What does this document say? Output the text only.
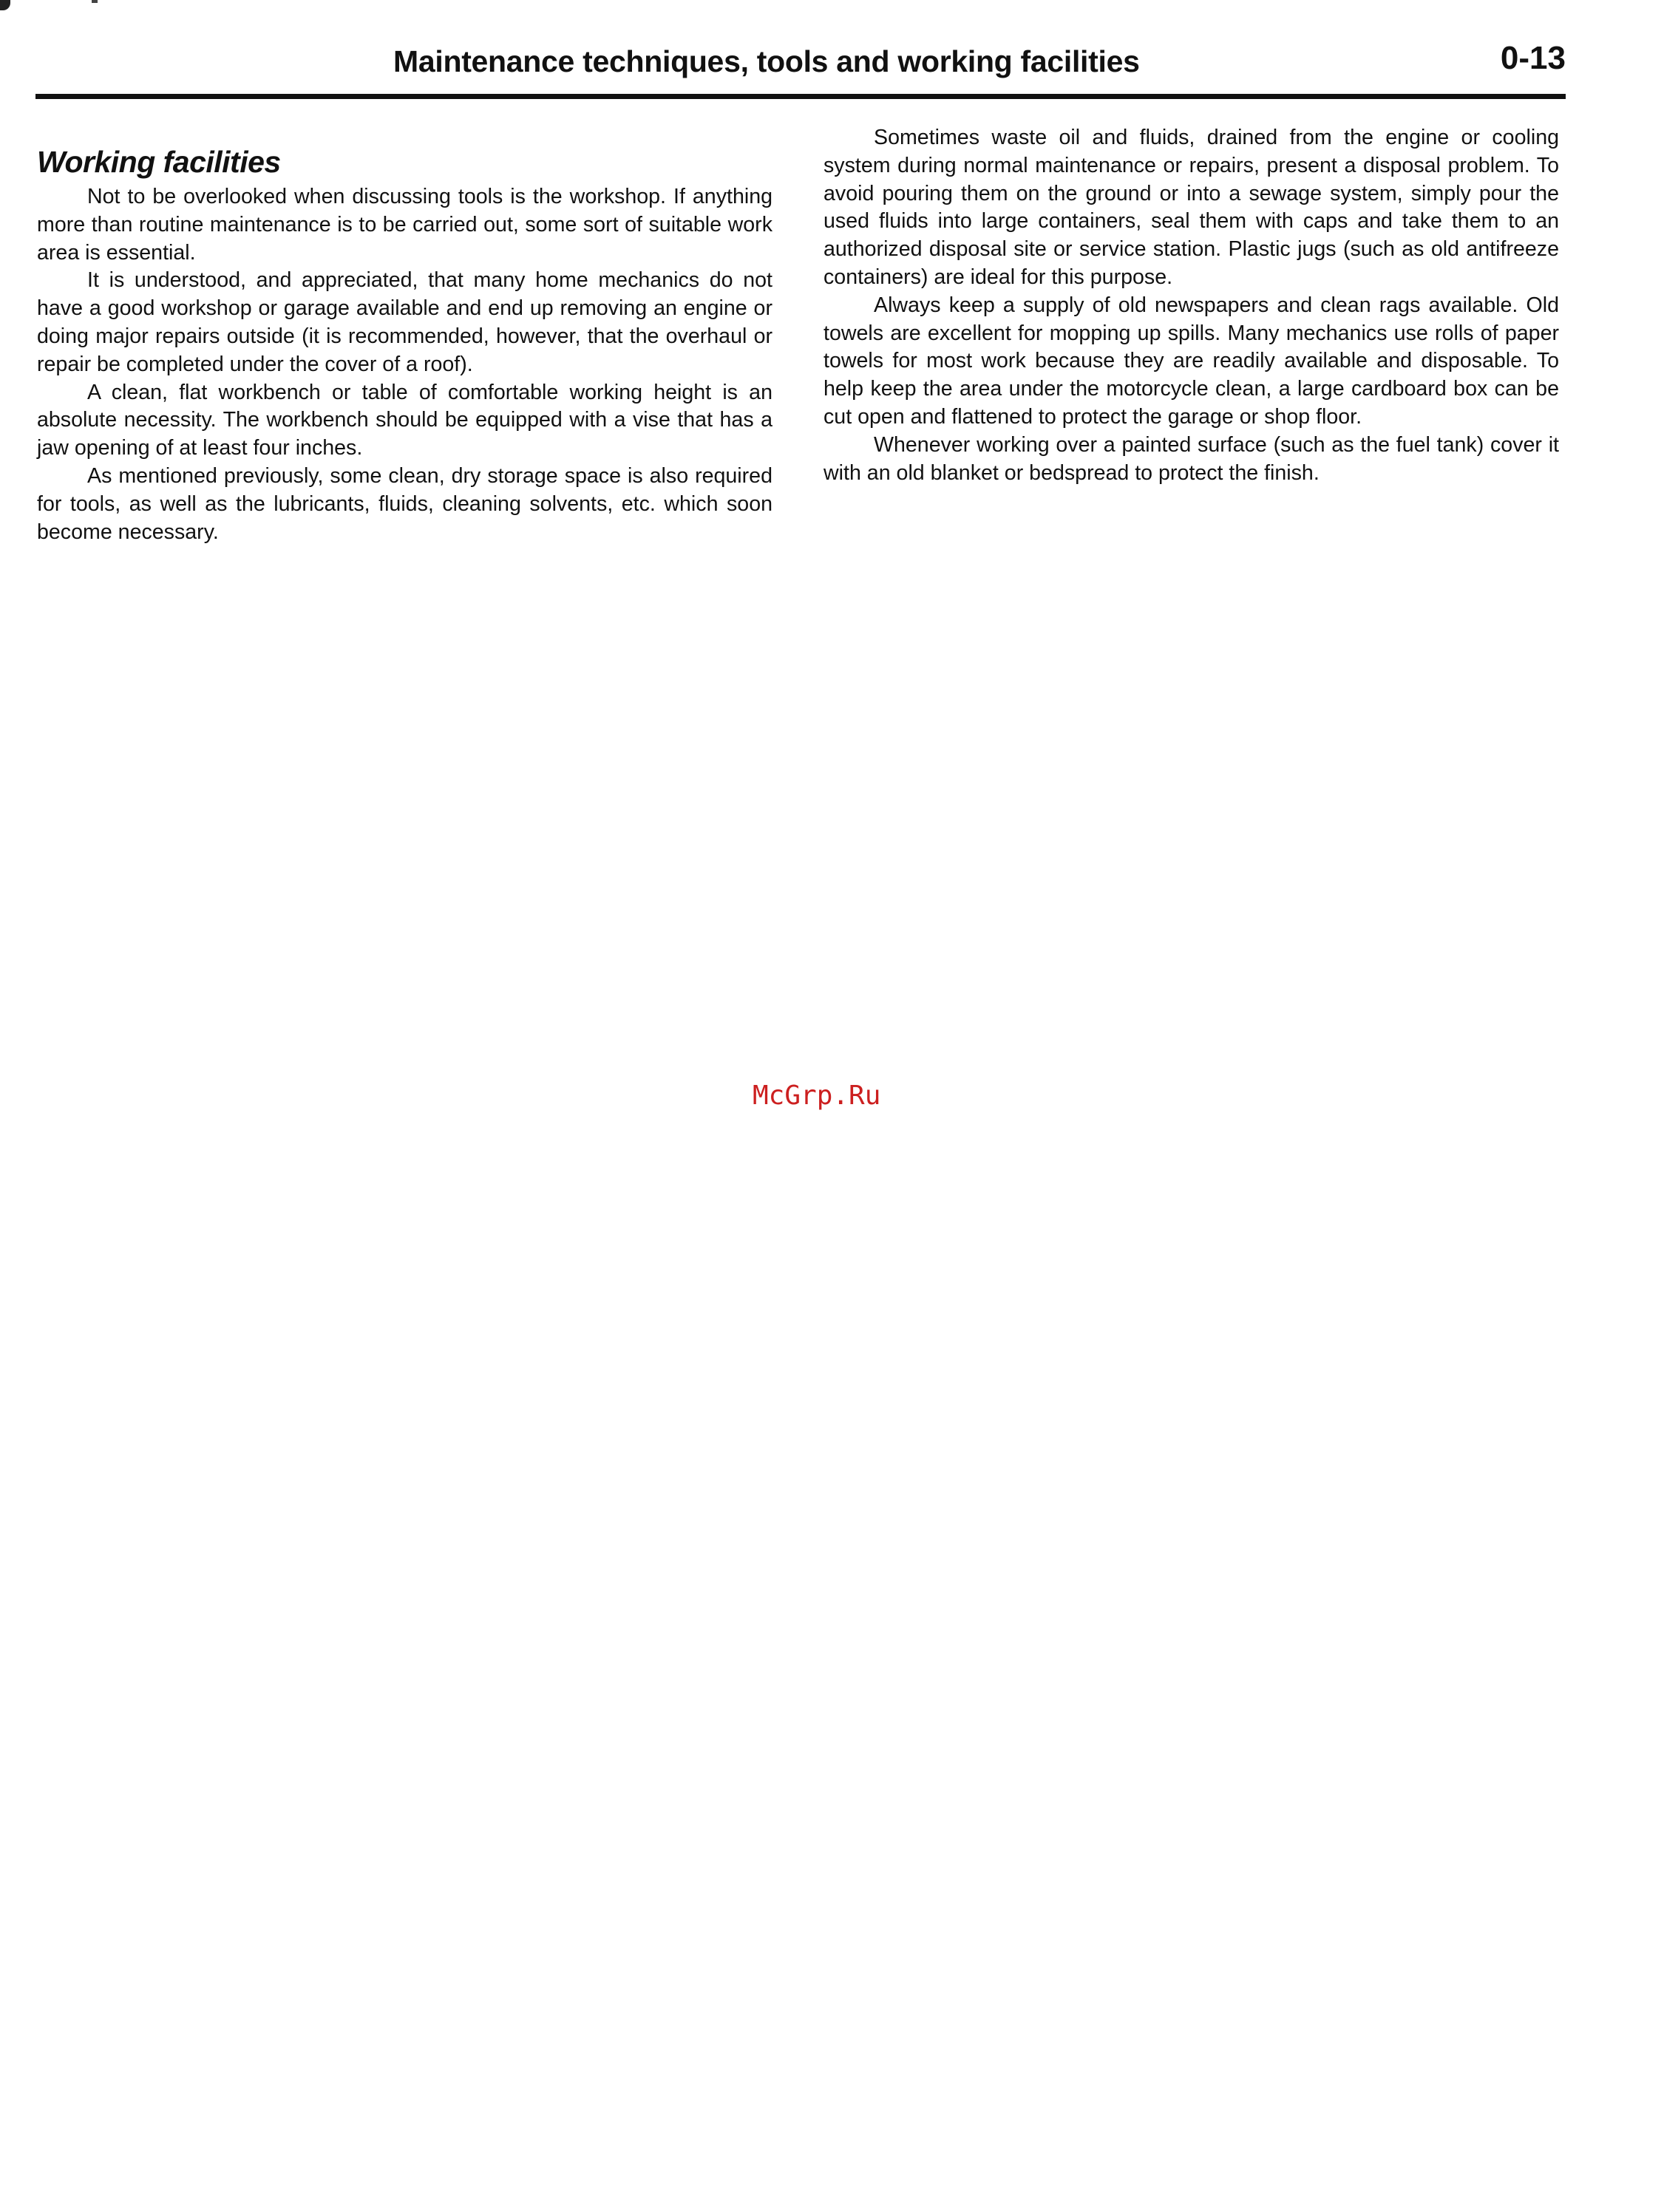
Maintenance techniques, tools and working facilities	0-13
Working facilities

Not to be overlooked when discussing tools is the workshop. If anything more than routine maintenance is to be carried out, some sort of suitable work area is essential.

It is understood, and appreciated, that many home mechanics do not have a good workshop or garage available and end up removing an engine or doing major repairs outside (it is recommended, however, that the overhaul or repair be completed under the cover of a roof).

A clean, flat workbench or table of comfortable working height is an absolute necessity. The workbench should be equipped with a vise that has a jaw opening of at least four inches.

As mentioned previously, some clean, dry storage space is also required for tools, as well as the lubricants, fluids, cleaning solvents, etc. which soon become necessary.

Sometimes waste oil and fluids, drained from the engine or cooling system during normal maintenance or repairs, present a disposal problem. To avoid pouring them on the ground or into a sewage system, simply pour the used fluids into large containers, seal them with caps and take them to an authorized disposal site or service station. Plastic jugs (such as old antifreeze containers) are ideal for this purpose.

Always keep a supply of old newspapers and clean rags available. Old towels are excellent for mopping up spills. Many mechanics use rolls of paper towels for most work because they are readily available and disposable. To help keep the area under the motorcycle clean, a large cardboard box can be cut open and flattened to protect the garage or shop floor.

Whenever working over a painted surface (such as the fuel tank) cover it with an old blanket or bedspread to protect the finish.

McGrp.Ru
